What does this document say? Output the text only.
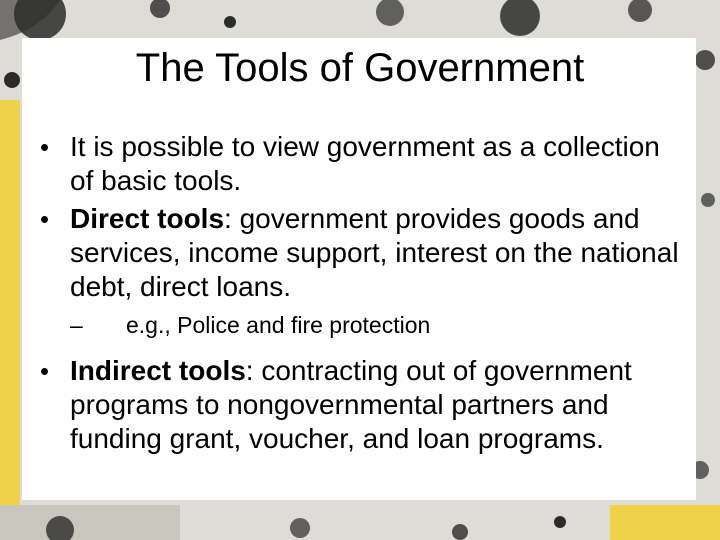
The Tools of Government
• It is possible to view government as a collection of basic tools.
• Direct tools: government provides goods and services, income support, interest on the national debt, direct loans.
– e.g., Police and fire protection
• Indirect tools: contracting out of government programs to nongovernmental partners and funding grant, voucher, and loan programs.
